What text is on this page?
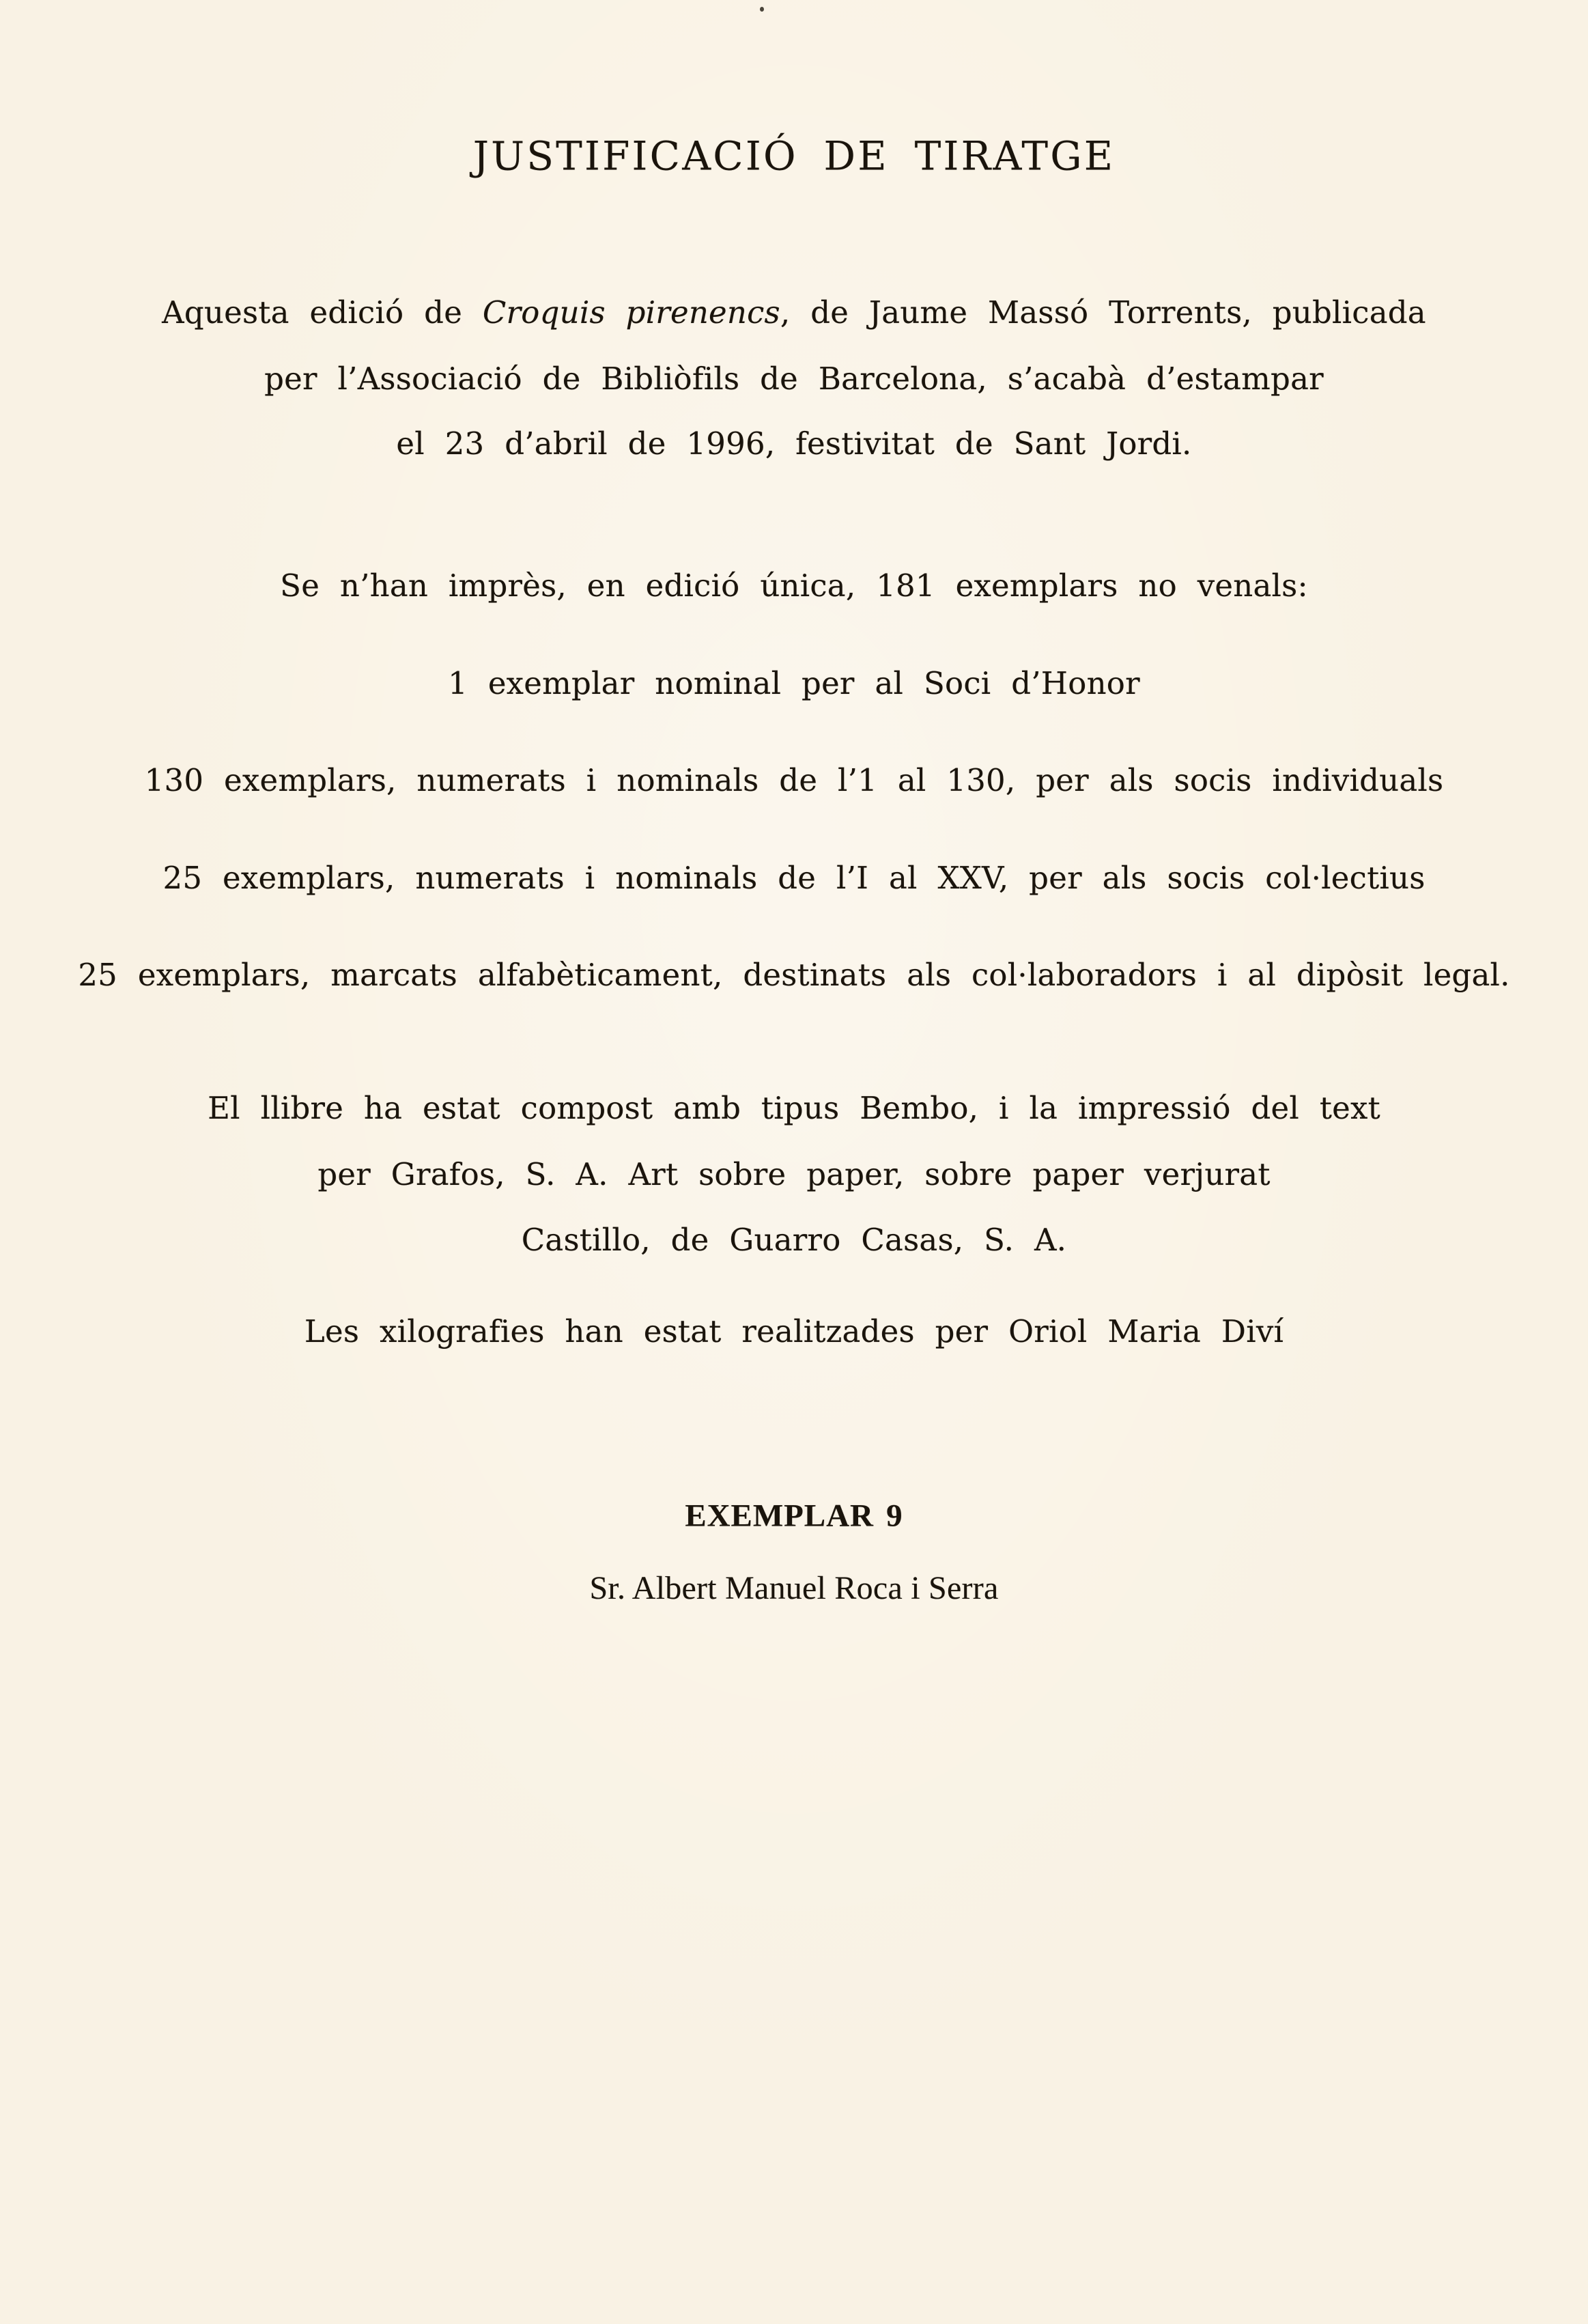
JUSTIFICACIÓ DE TIRATGE
Aquesta edició de Croquis pirenencs, de Jaume Massó Torrents, publicada
per l’Associació de Bibliòfils de Barcelona, s’acabà d’estampar
el 23 d’abril de 1996, festivitat de Sant Jordi.
Se n’han imprès, en edició única, 181 exemplars no venals:
1 exemplar nominal per al Soci d’Honor
130 exemplars, numerats i nominals de l’1 al 130, per als socis individuals
25 exemplars, numerats i nominals de l’I al XXV, per als socis col·lectius
25 exemplars, marcats alfabèticament, destinats als col·laboradors i al dipòsit legal.
El llibre ha estat compost amb tipus Bembo, i la impressió del text
per Grafos, S. A. Art sobre paper, sobre paper verjurat
Castillo, de Guarro Casas, S. A.
Les xilografies han estat realitzades per Oriol Maria Diví
EXEMPLAR 9
Sr. Albert Manuel Roca i Serra
